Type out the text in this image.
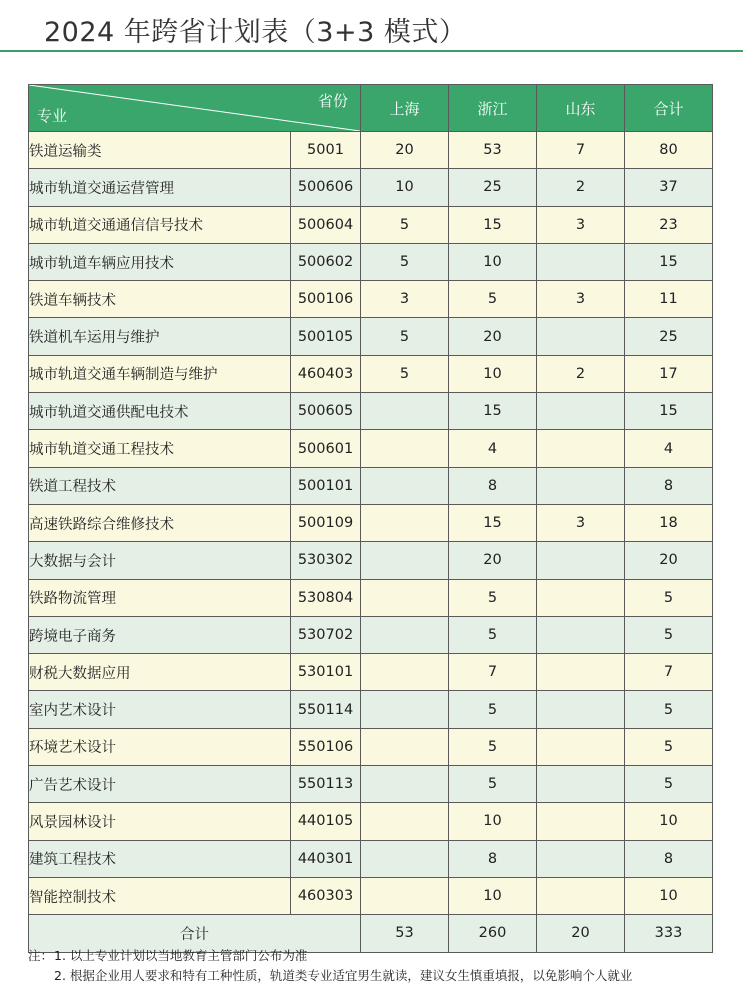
2024 年跨省计划表（3+3 模式）
省份
专业		上海	浙江	山东	合计
铁道运输类	5001	20	53	7	80
城市轨道交通运营管理	500606	10	25	2	37
城市轨道交通通信信号技术	500604	5	15	3	23
城市轨道车辆应用技术	500602	5	10		15
铁道车辆技术	500106	3	5	3	11
铁道机车运用与维护	500105	5	20		25
城市轨道交通车辆制造与维护	460403	5	10	2	17
城市轨道交通供配电技术	500605		15		15
城市轨道交通工程技术	500601		4		4
铁道工程技术	500101		8		8
高速铁路综合维修技术	500109		15	3	18
大数据与会计	530302		20		20
铁路物流管理	530804		5		5
跨境电子商务	530702		5		5
财税大数据应用	530101		7		7
室内艺术设计	550114		5		5
环境艺术设计	550106		5		5
广告艺术设计	550113		5		5
风景园林设计	440105		10		10
建筑工程技术	440301		8		8
智能控制技术	460303		10		10
合计		53	260	20	333
注： 1. 以上专业计划以当地教育主管部门公布为准
2. 根据企业用人要求和特有工种性质，轨道类专业适宜男生就读，建议女生慎重填报，以免影响个人就业
